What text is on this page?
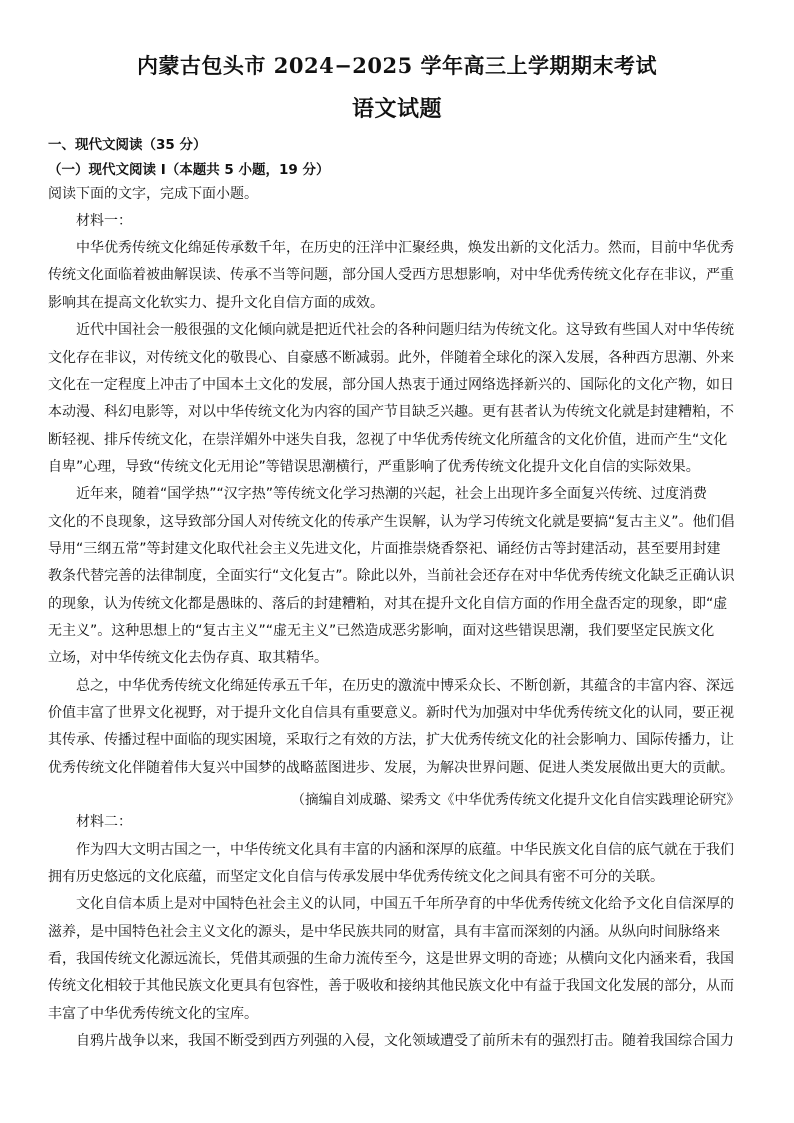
内蒙古包头市 2024−2025 学年高三上学期期末考试
语文试题
一、现代文阅读（35 分）
（一）现代文阅读 I（本题共 5 小题，19 分）
阅读下面的文字，完成下面小题。
材料一：
中华优秀传统文化绵延传承数千年，在历史的汪洋中汇聚经典，焕发出新的文化活力。然而，目前中华优秀
传统文化面临着被曲解误读、传承不当等问题，部分国人受西方思想影响，对中华优秀传统文化存在非议，严重
影响其在提高文化软实力、提升文化自信方面的成效。
近代中国社会一般很强的文化倾向就是把近代社会的各种问题归结为传统文化。这导致有些国人对中华传统
文化存在非议，对传统文化的敬畏心、自豪感不断减弱。此外，伴随着全球化的深入发展，各种西方思潮、外来
文化在一定程度上冲击了中国本土文化的发展，部分国人热衷于通过网络选择新兴的、国际化的文化产物，如日
本动漫、科幻电影等，对以中华传统文化为内容的国产节目缺乏兴趣。更有甚者认为传统文化就是封建糟粕，不
断轻视、排斥传统文化，在崇洋媚外中迷失自我，忽视了中华优秀传统文化所蕴含的文化价值，进而产生“文化
自卑”心理，导致“传统文化无用论”等错误思潮横行，严重影响了优秀传统文化提升文化自信的实际效果。
近年来，随着“国学热”“汉字热”等传统文化学习热潮的兴起，社会上出现许多全面复兴传统、过度消费
文化的不良现象，这导致部分国人对传统文化的传承产生误解，认为学习传统文化就是要搞“复古主义”。他们倡
导用“三纲五常”等封建文化取代社会主义先进文化，片面推崇烧香祭祀、诵经仿古等封建活动，甚至要用封建
教条代替完善的法律制度，全面实行“文化复古”。除此以外，当前社会还存在对中华优秀传统文化缺乏正确认识
的现象，认为传统文化都是愚昧的、落后的封建糟粕，对其在提升文化自信方面的作用全盘否定的现象，即“虚
无主义”。这种思想上的“复古主义”“虚无主义”已然造成恶劣影响，面对这些错误思潮，我们要坚定民族文化
立场，对中华传统文化去伪存真、取其精华。
总之，中华优秀传统文化绵延传承五千年，在历史的激流中博采众长、不断创新，其蕴含的丰富内容、深远
价值丰富了世界文化视野，对于提升文化自信具有重要意义。新时代为加强对中华优秀传统文化的认同，要正视
其传承、传播过程中面临的现实困境，采取行之有效的方法，扩大优秀传统文化的社会影响力、国际传播力，让
优秀传统文化伴随着伟大复兴中国梦的战略蓝图进步、发展，为解决世界问题、促进人类发展做出更大的贡献。
（摘编自刘成璐、梁秀文《中华优秀传统文化提升文化自信实践理论研究》
材料二：
作为四大文明古国之一，中华传统文化具有丰富的内涵和深厚的底蕴。中华民族文化自信的底气就在于我们
拥有历史悠远的文化底蕴，而坚定文化自信与传承发展中华优秀传统文化之间具有密不可分的关联。
文化自信本质上是对中国特色社会主义的认同，中国五千年所孕育的中华优秀传统文化给予文化自信深厚的
滋养，是中国特色社会主义文化的源头，是中华民族共同的财富，具有丰富而深刻的内涵。从纵向时间脉络来
看，我国传统文化源远流长，凭借其顽强的生命力流传至今，这是世界文明的奇迹；从横向文化内涵来看，我国
传统文化相较于其他民族文化更具有包容性，善于吸收和接纳其他民族文化中有益于我国文化发展的部分，从而
丰富了中华优秀传统文化的宝库。
自鸦片战争以来，我国不断受到西方列强的入侵，文化领域遭受了前所未有的强烈打击。随着我国综合国力
